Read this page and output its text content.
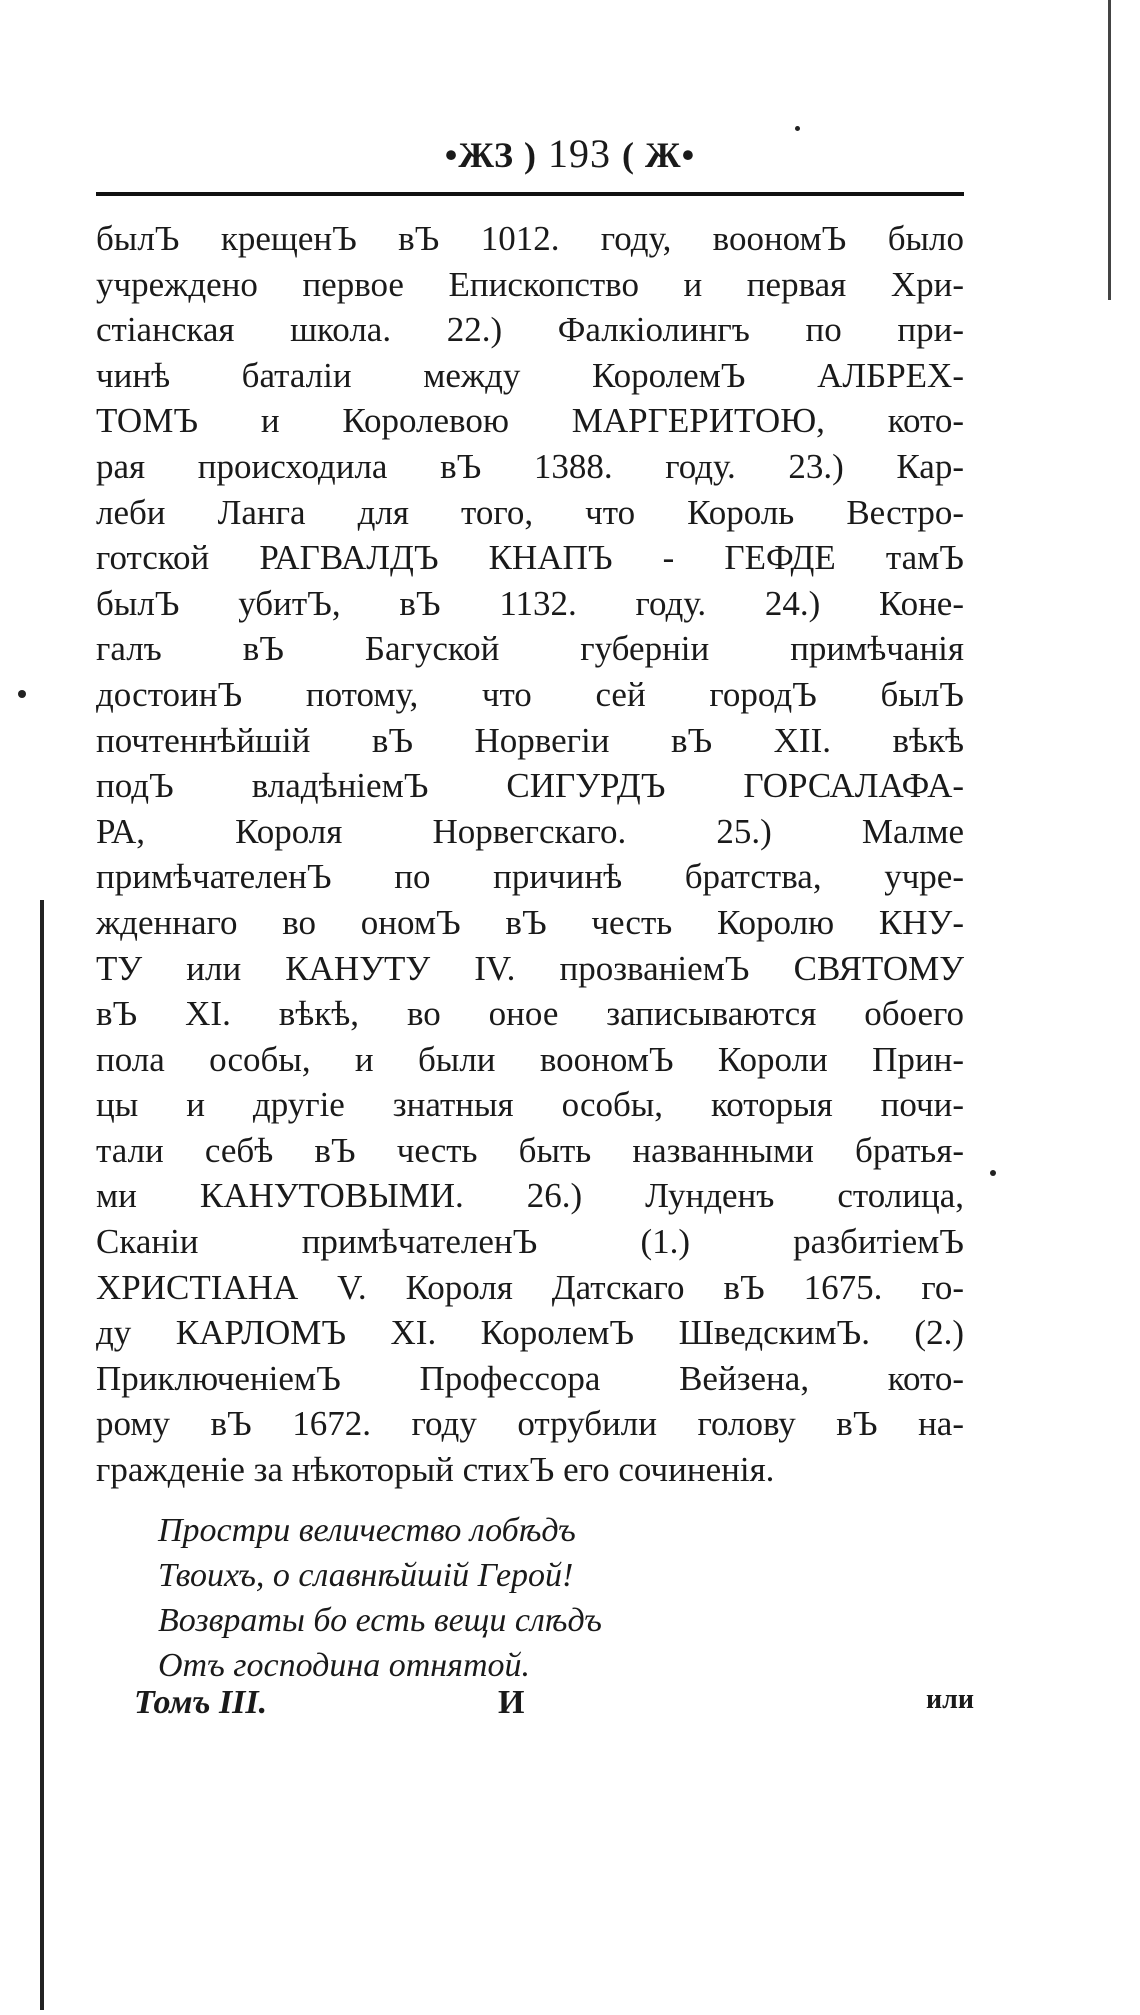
•ЖЗ ) 193 ( Ж•
былЪ крещенЪ вЪ 1012. году, воономЪ было
учреждено первое Епископство и первая Хри-
стіанская школа. 22.) Фалкіолингъ по при-
чинѣ баталіи между КоролемЪ АЛБРЕХ-
ТОМЪ и Королевою МАРГЕРИТОЮ, кото-
рая происходила вЪ 1388. году. 23.) Кар-
леби Ланга для того, что Король Вестро-
готской РАГВАЛДЪ КНАПЪ - ГЕФДЕ тамЪ
былЪ убитЪ, вЪ 1132. году. 24.) Конe-
галъ вЪ Багуской губерніи примѣчанія
достоинЪ потому, что сей городЪ былЪ
почтеннѣйшій вЪ Норвегіи вЪ XII. вѣкѣ
подЪ владѣніемЪ СИГУРДЪ ГОРСАЛАФА-
РА, Короля Норвегскаго. 25.) Малме
примѣчателенЪ по причинѣ братства, учре-
жденнаго во ономЪ вЪ честь Королю КНУ-
ТУ или КАНУТУ IV. прозваніемЪ СВЯТОМУ
вЪ XI. вѣкѣ, во оное записываются обоего
пола особы, и были воономЪ Короли Прин-
цы и другіе знатныя особы, которыя почи-
тали себѣ вЪ честь быть названными братья-
ми КАНУТОВЫМИ. 26.) Лунденъ столица,
Сканіи примѣчателенЪ (1.) разбитіемЪ
ХРИСТІАНА V. Короля Датскаго вЪ 1675. го-
ду КАРЛОМЪ XI. КоролемЪ ШведскимЪ. (2.)
ПриключеніемЪ Профессора Вейзена, кото-
рому вЪ 1672. году отрубили голову вЪ на-
гражденіе за нѣкоторый стихЪ его сочиненія.
Простри величество лобѣдъ
Твоихъ, о славнѣйшій Герой!
Возвраты бо есть вещи слѣдъ
Отъ господина отнятой.
Томъ III.	И	или
